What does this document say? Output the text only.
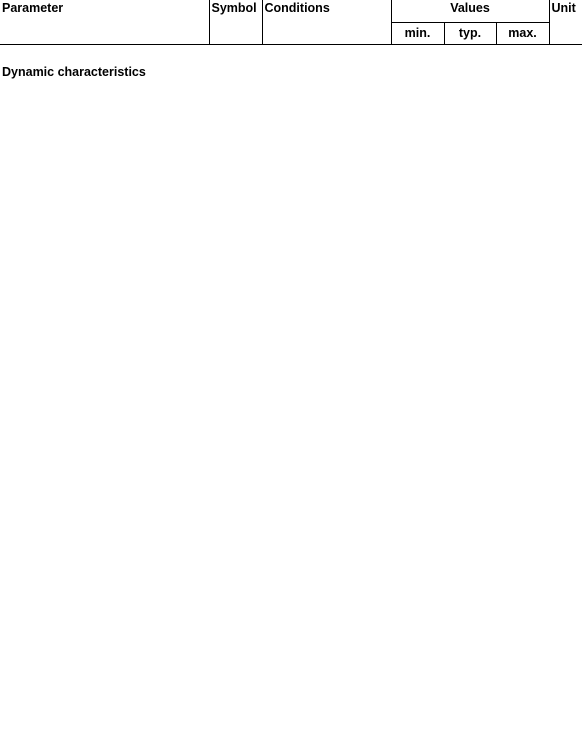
Parameter	Symbol	Conditions	Values			Unit
			min.	typ.	max.	

Dynamic characteristics						
